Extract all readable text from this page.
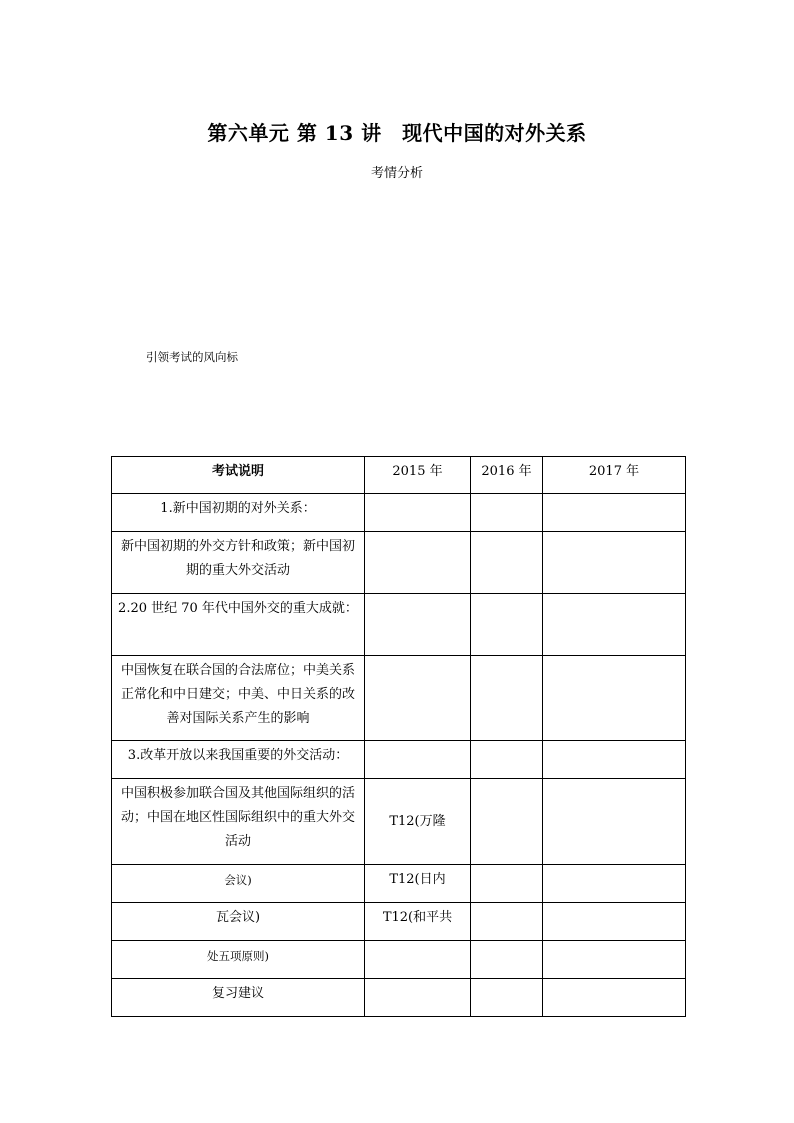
第六单元 第 13 讲　现代中国的对外关系
考情分析
引领考试的风向标
考试说明	2015 年	2016 年	2017 年
1.新中国初期的对外关系：			
新中国初期的外交方针和政策；新中国初期的重大外交活动			
2.20 世纪 70 年代中国外交的重大成就：			
中国恢复在联合国的合法席位；中美关系正常化和中日建交；中美、中日关系的改善对国际关系产生的影响			
3.改革开放以来我国重要的外交活动：			
中国积极参加联合国及其他国际组织的活动；中国在地区性国际组织中的重大外交活动	T12(万隆		
会议)	T12(日内		
瓦会议)	T12(和平共		
处五项原则)			
复习建议			
